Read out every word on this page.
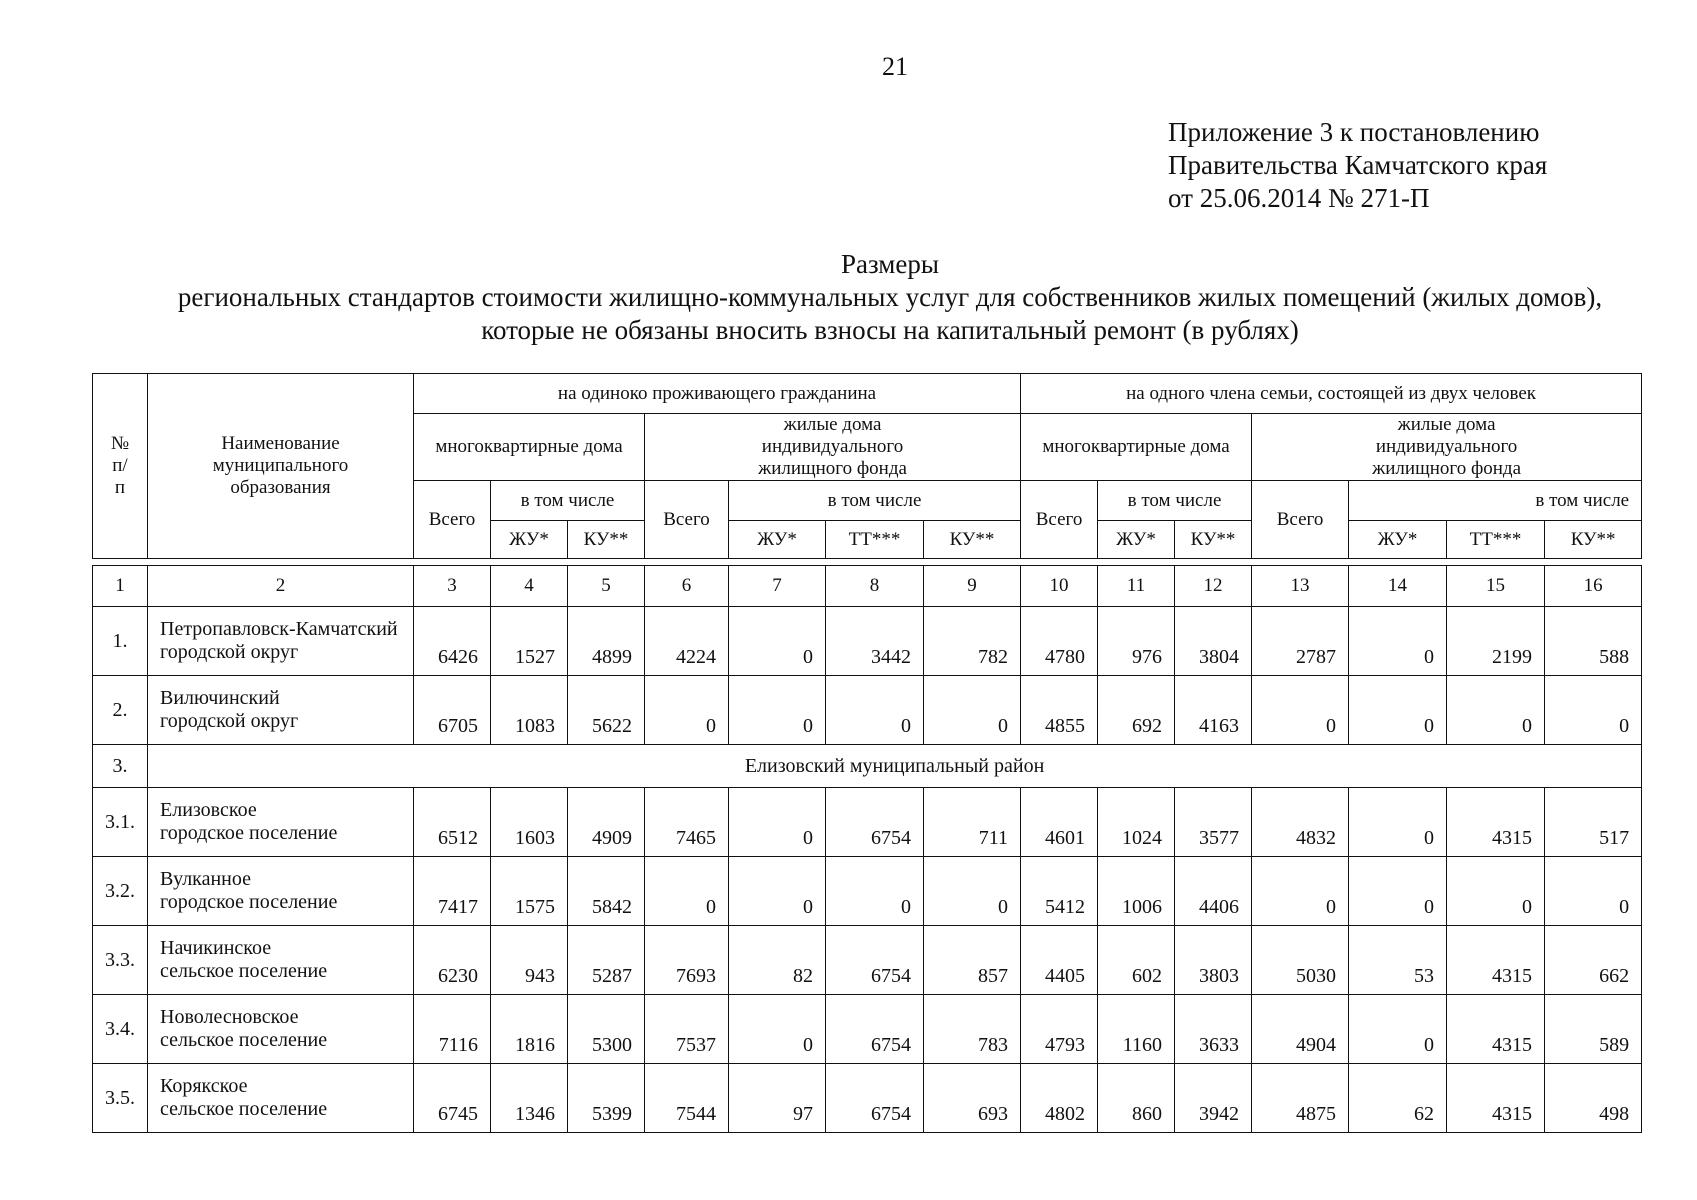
21
Приложение 3 к постановлению
Правительства Камчатского края
от 25.06.2014 № 271-П
Размеры
региональных стандартов стоимости жилищно-коммунальных услуг для собственников жилых помещений (жилых домов),
которые не обязаны вносить взносы на капитальный ремонт (в рублях)
№ п/п	Наименование муниципального образования	на одиноко проживающего гражданина							на одного члена семьи, состоящей из двух человек						
		многоквартирные дома			жилые дома индивидуального жилищного фонда				многоквартирные дома			жилые дома индивидуального жилищного фонда			
		Всего	в том числе		Всего	в том числе			Всего	в том числе		Всего	в том числе		
			ЖУ*	КУ**		ЖУ*	ТТ***	КУ**		ЖУ*	КУ**		ЖУ*	ТТ***	КУ**

1	2	3	4	5	6	7	8	9	10	11	12	13	14	15	16
1.	Петропавловск-Камчатский
городской округ	6426	1527	4899	4224	0	3442	782	4780	976	3804	2787	0	2199	588
2.	Вилючинский
городской округ	6705	1083	5622	0	0	0	0	4855	692	4163	0	0	0	0
3.	Елизовский муниципальный район														
3.1.	Елизовское
городское поселение	6512	1603	4909	7465	0	6754	711	4601	1024	3577	4832	0	4315	517
3.2.	Вулканное
городское поселение	7417	1575	5842	0	0	0	0	5412	1006	4406	0	0	0	0
3.3.	Начикинское
сельское поселение	6230	943	5287	7693	82	6754	857	4405	602	3803	5030	53	4315	662
3.4.	Новолесновское
сельское поселение	7116	1816	5300	7537	0	6754	783	4793	1160	3633	4904	0	4315	589
3.5.	Корякское
сельское поселение	6745	1346	5399	7544	97	6754	693	4802	860	3942	4875	62	4315	498
